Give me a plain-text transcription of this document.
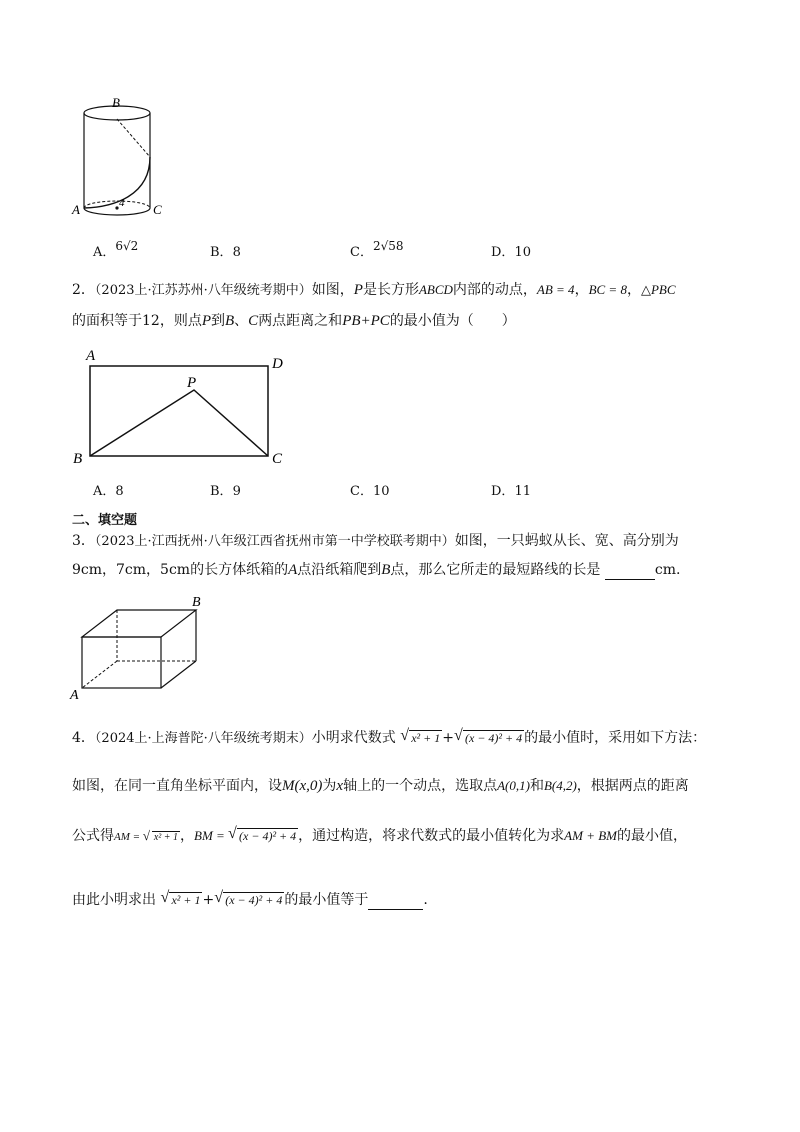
B
A	C
4
A．6√2	B．8	C．2√58	D．10
2．（2023上·江苏苏州·八年级统考期中）如图，P是长方形ABCD内部的动点，AB = 4，BC = 8，△PBC
的面积等于12，则点P到B、C两点距离之和PB+PC的最小值为（　　）
A	D
P
B	C
A．8	B．9	C．10	D．11
二、填空题
3．（2023上·江西抚州·八年级江西省抚州市第一中学校联考期中）如图，一只蚂蚁从长、宽、高分别为
9cm，7cm，5cm的长方体纸箱的A点沿纸箱爬到B点，那么它所走的最短路线的长是	cm.
B
A
4．（2024上·上海普陀·八年级统考期末）小明求代数式 √ x² + 1 + √ (x − 4)² + 4 的最小值时，采用如下方法：
如图，在同一直角坐标平面内，设M(x,0)为x轴上的一个动点，选取点A(0,1)和B(4,2)，根据两点的距离
公式得AM = √ x² + 1 ，BM = √ (x − 4)² + 4 ，通过构造，将求代数式的最小值转化为求AM + BM的最小值，
由此小明求出 √ x² + 1 + √ (x − 4)² + 4 的最小值等于	.
